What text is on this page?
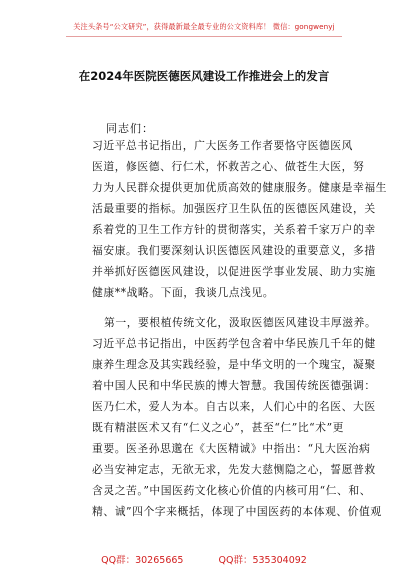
关注头条号“公文研究”，获得最新最全最专业的公文资料库！ 微信：gongwenyj
在2024年医院医德医风建设工作推进会上的发言
同志们：
习近平总书记指出，广大医务工作者要恪守医德医风
医道，修医德、行仁术，怀救苦之心、做苍生大医，努
力为人民群众提供更加优质高效的健康服务。健康是幸福生
活最重要的指标。加强医疗卫生队伍的医德医风建设，关
系着党的卫生工作方针的贯彻落实，关系着千家万户的幸
福安康。我们要深刻认识医德医风建设的重要意义，多措
并举抓好医德医风建设，以促进医学事业发展、助力实施
健康**战略。下面，我谈几点浅见。
第一，要根植传统文化，汲取医德医风建设丰厚滋养。
习近平总书记指出，中医药学包含着中华民族几千年的健
康养生理念及其实践经验，是中华文明的一个瑰宝，凝聚
着中国人民和中华民族的博大智慧。我国传统医德强调：
医乃仁术，爱人为本。自古以来，人们心中的名医、大医
既有精湛医术又有“仁义之心”，甚至“仁”比“术”更
重要。医圣孙思邈在《大医精诚》中指出：“凡大医治病
必当安神定志，无欲无求，先发大慈恻隐之心，誓愿普救
含灵之苦。”中国医药文化核心价值的内核可用“仁、和、
精、诚”四个字来概括，体现了中国医药的本体观、价值观
QQ群：30265665	QQ群：535304092
